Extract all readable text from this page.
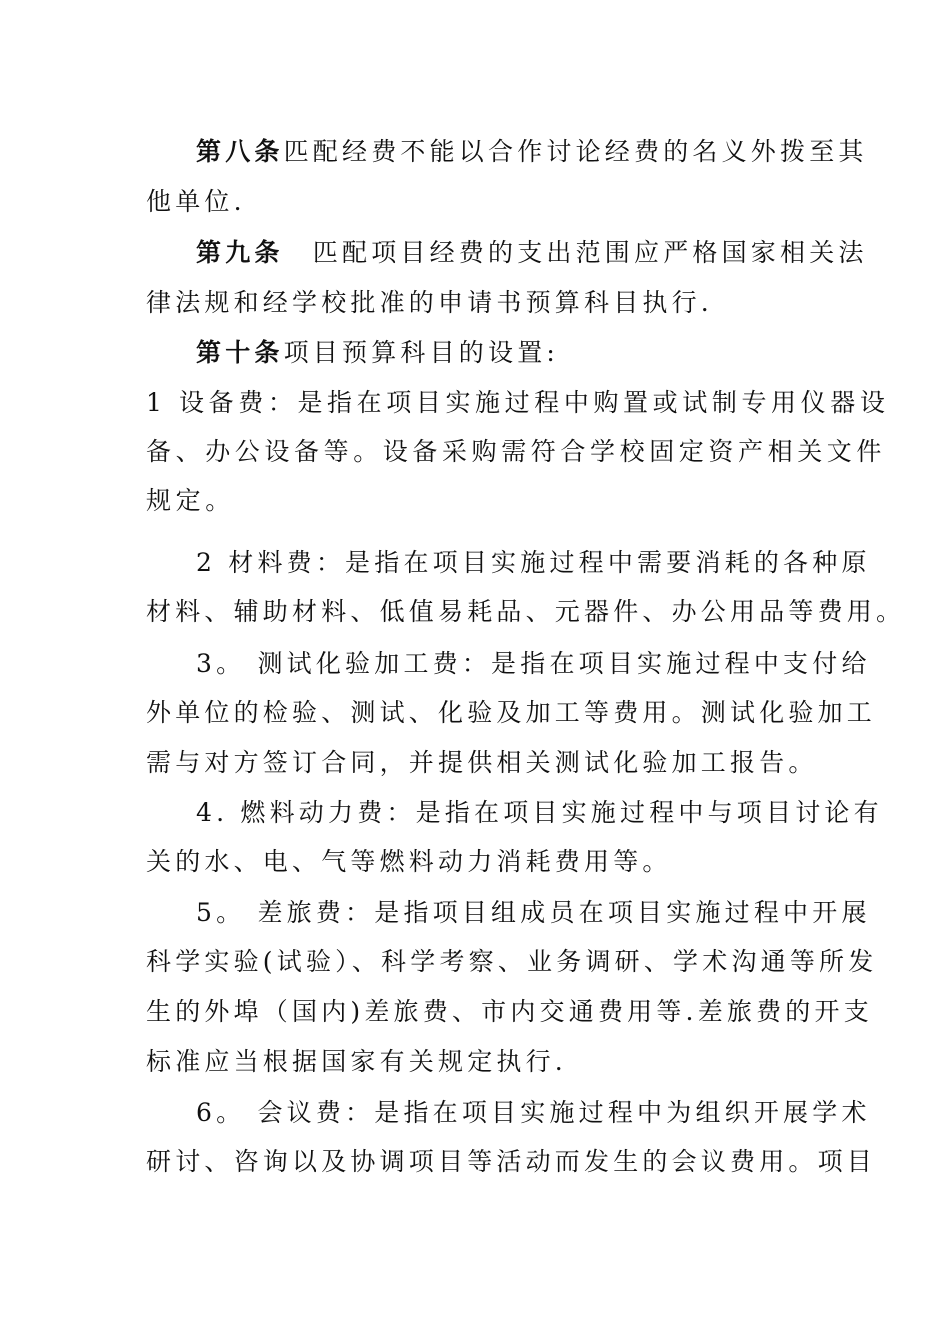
第八条匹配经费不能以合作讨论经费的名义外拨至其
他单位.
第九条　匹配项目经费的支出范围应严格国家相关法
律法规和经学校批准的申请书预算科目执行.
第十条项目预算科目的设置:
1 设备费：是指在项目实施过程中购置或试制专用仪器设
备、办公设备等。设备采购需符合学校固定资产相关文件
规定。
2 材料费：是指在项目实施过程中需要消耗的各种原
材料、辅助材料、低值易耗品、元器件、办公用品等费用。
3。 测试化验加工费：是指在项目实施过程中支付给
外单位的检验、测试、化验及加工等费用。测试化验加工
需与对方签订合同，并提供相关测试化验加工报告。
4. 燃料动力费：是指在项目实施过程中与项目讨论有
关的水、电、气等燃料动力消耗费用等。
5。 差旅费：是指项目组成员在项目实施过程中开展
科学实验(试验）、科学考察、业务调研、学术沟通等所发
生的外埠（国内)差旅费、市内交通费用等.差旅费的开支
标准应当根据国家有关规定执行.
6。 会议费：是指在项目实施过程中为组织开展学术
研讨、咨询以及协调项目等活动而发生的会议费用。项目
